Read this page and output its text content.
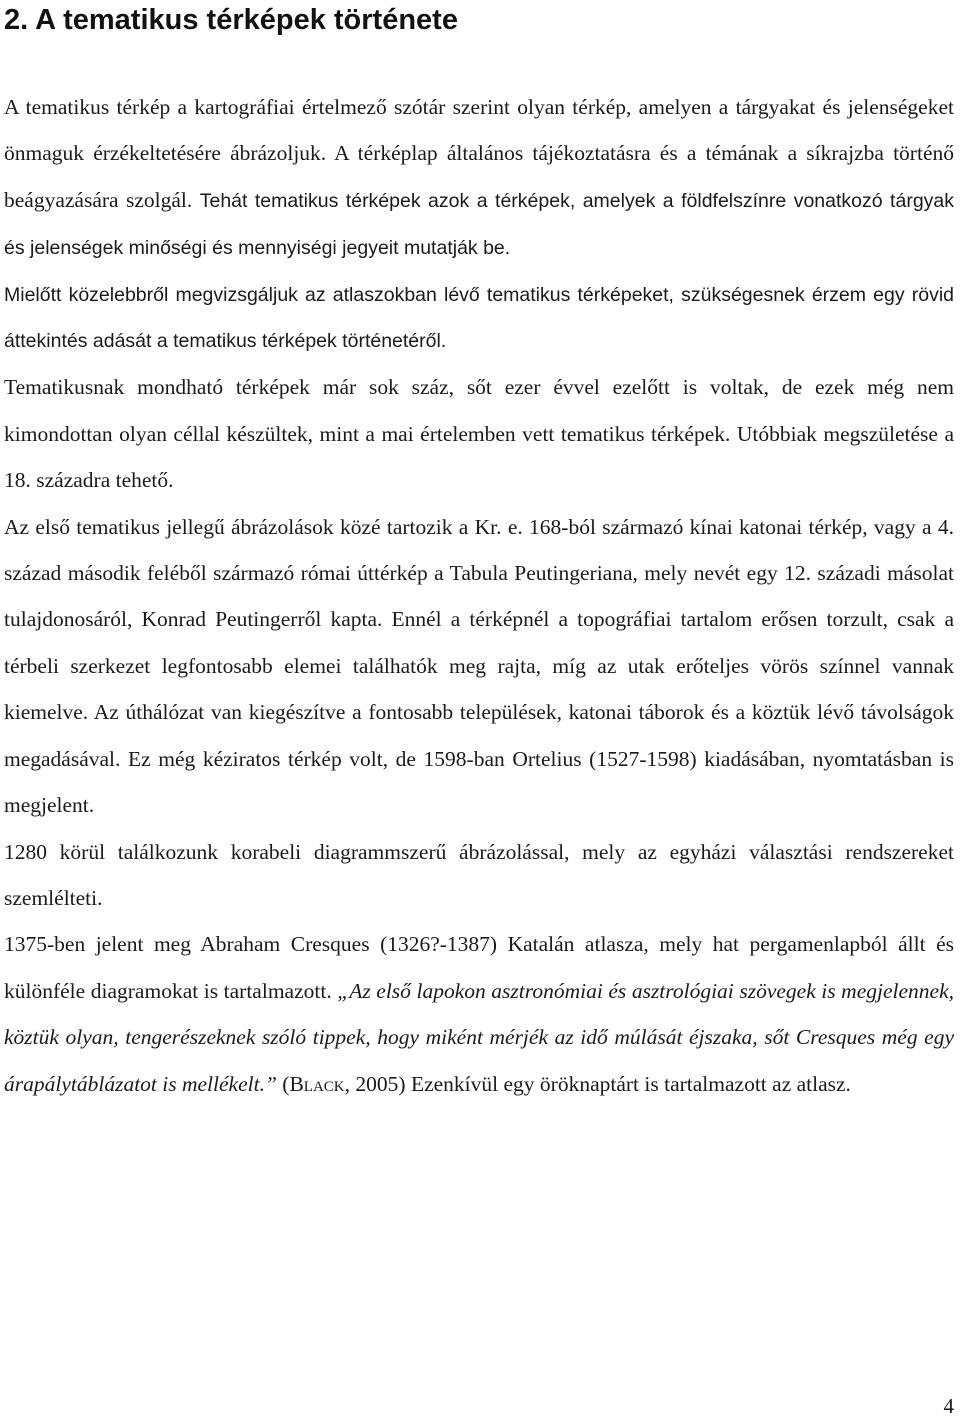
2. A tematikus térképek története

A tematikus térkép a kartográfiai értelmező szótár szerint olyan térkép, amelyen a tárgyakat és jelenségeket önmaguk érzékeltetésére ábrázoljuk. A térképlap általános tájékoztatásra és a témának a síkrajzba történő beágyazására szolgál. Tehát tematikus térképek azok a térképek, amelyek a földfelszínre vonatkozó tárgyak és jelenségek minőségi és mennyiségi jegyeit mutatják be.

Mielőtt közelebbről megvizsgáljuk az atlaszokban lévő tematikus térképeket, szükségesnek érzem egy rövid áttekintés adását a tematikus térképek történetéről.

Tematikusnak mondható térképek már sok száz, sőt ezer évvel ezelőtt is voltak, de ezek még nem kimondottan olyan céllal készültek, mint a mai értelemben vett tematikus térképek. Utóbbiak megszületése a 18. századra tehető.

Az első tematikus jellegű ábrázolások közé tartozik a Kr. e. 168-ból származó kínai katonai térkép, vagy a 4. század második feléből származó római úttérkép a Tabula Peutingeriana, mely nevét egy 12. századi másolat tulajdonosáról, Konrad Peutingerről kapta. Ennél a térképnél a topográfiai tartalom erősen torzult, csak a térbeli szerkezet legfontosabb elemei találhatók meg rajta, míg az utak erőteljes vörös színnel vannak kiemelve. Az úthálózat van kiegészítve a fontosabb települések, katonai táborok és a köztük lévő távolságok megadásával. Ez még kéziratos térkép volt, de 1598-ban Ortelius (1527-1598) kiadásában, nyomtatásban is megjelent.

1280 körül találkozunk korabeli diagrammszerű ábrázolással, mely az egyházi választási rendszereket szemlélteti.

1375-ben jelent meg Abraham Cresques (1326?-1387) Katalán atlasza, mely hat pergamenlapból állt és különféle diagramokat is tartalmazott. „Az első lapokon asztronómiai és asztrológiai szövegek is megjelennek, köztük olyan, tengerészeknek szóló tippek, hogy miként mérjék az idő múlását éjszaka, sőt Cresques még egy árapálytáblázatot is mellékelt.” (Black, 2005) Ezenkívül egy öröknaptárt is tartalmazott az atlasz.

4
